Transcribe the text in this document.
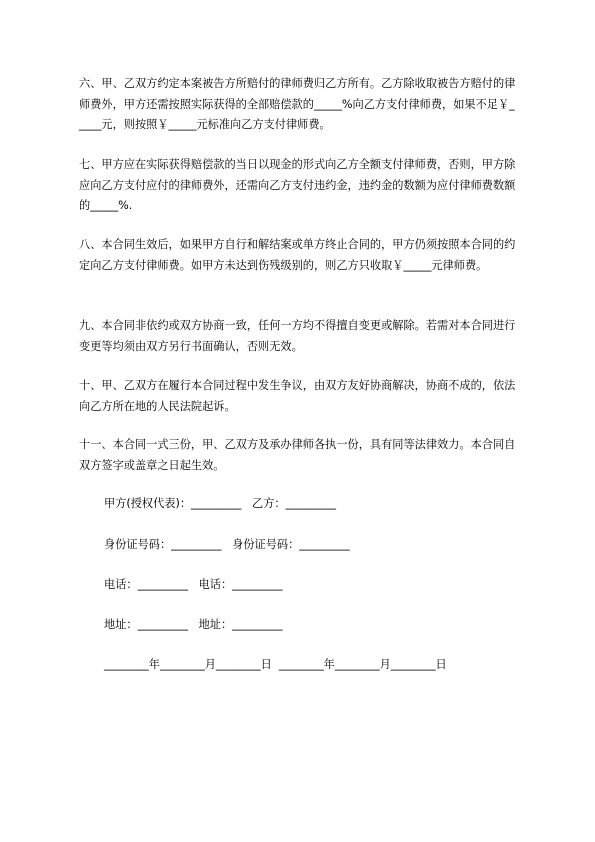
六、甲、乙双方约定本案被告方所赔付的律师费归乙方所有。乙方除收取被告方赔付的律师费外，甲方还需按照实际获得的全部赔偿款的_____%向乙方支付律师费，如果不足￥_____元，则按照￥_____元标准向乙方支付律师费。

七、甲方应在实际获得赔偿款的当日以现金的形式向乙方全额支付律师费，否则，甲方除应向乙方支付应付的律师费外，还需向乙方支付违约金，违约金的数额为应付律师费数额的_____%.

八、本合同生效后，如果甲方自行和解结案或单方终止合同的，甲方仍须按照本合同的约定向乙方支付律师费。如甲方未达到伤残级别的，则乙方只收取￥_____元律师费。

九、本合同非依约或双方协商一致，任何一方均不得擅自变更或解除。若需对本合同进行变更等均须由双方另行书面确认，否则无效。

十、甲、乙双方在履行本合同过程中发生争议，由双方友好协商解决，协商不成的，依法向乙方所在地的人民法院起诉。

十一、本合同一式三份，甲、乙双方及承办律师各执一份，具有同等法律效力。本合同自双方签字或盖章之日起生效。

甲方(授权代表)：_________   乙方：_________

身份证号码：_________   身份证号码：_________

电话：_________   电话：_________

地址：_________   地址：_________

________年________月________日  ________年________月________日
